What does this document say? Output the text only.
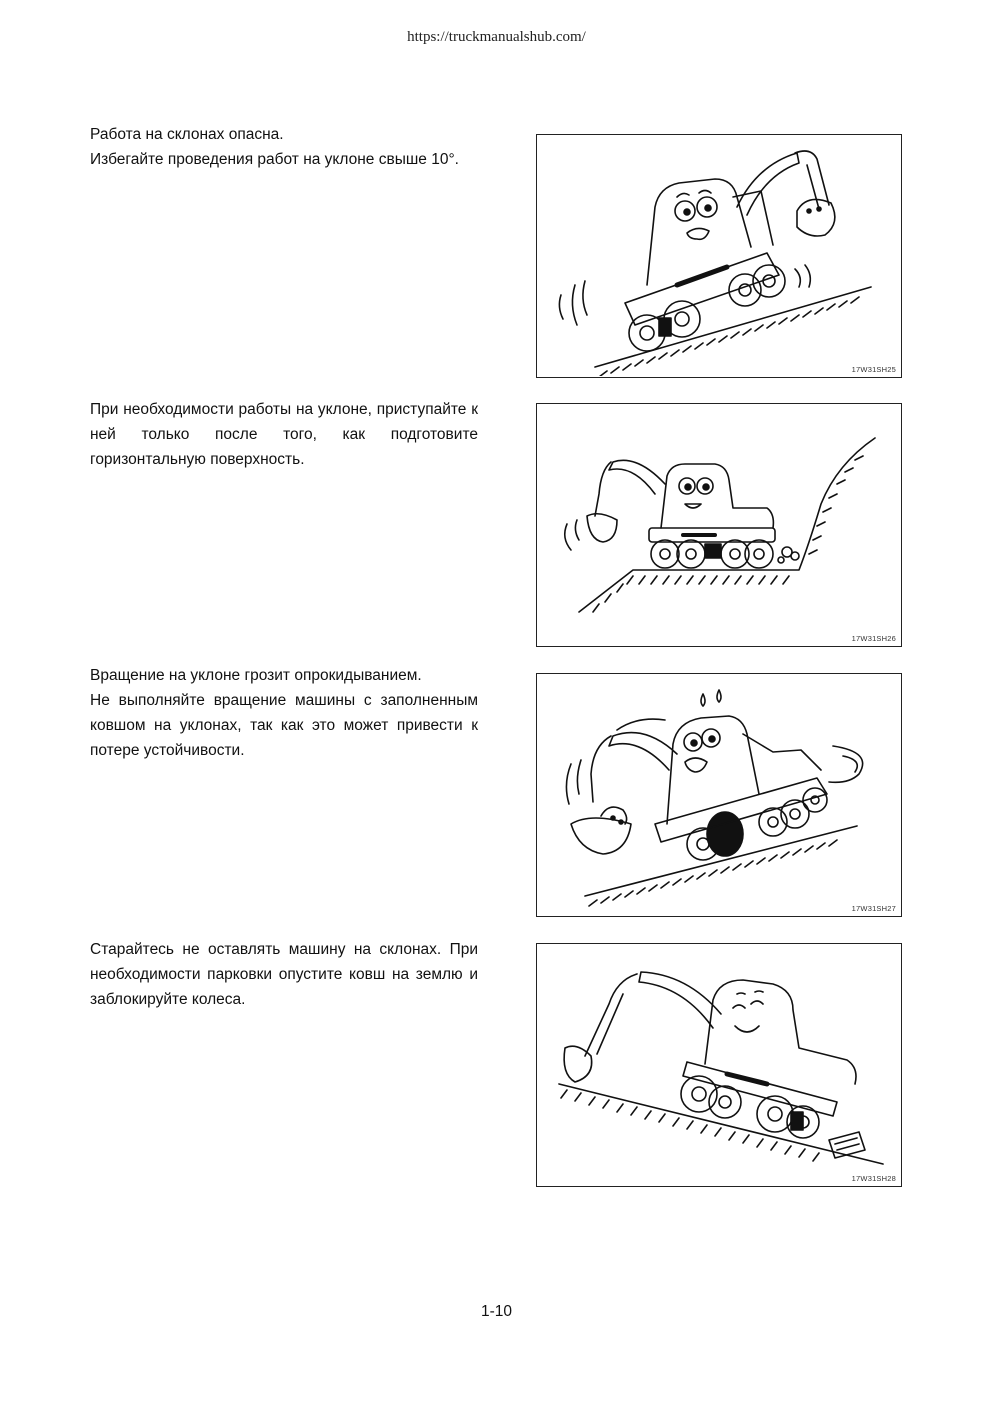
https://truckmanualshub.com/

Работа на склонах опасна.

Избегайте проведения работ на уклоне свыше 10°.

17W31SH25

При необходимости работы на уклоне, приступайте к ней только после того, как подготовите горизонтальную поверхность.

17W31SH26

Вращение на уклоне грозит опрокидыванием.

Не выполняйте вращение машины с заполненным ковшом на уклонах, так как это может привести к потере устойчивости.

17W31SH27

Старайтесь не оставлять машину на склонах. При необходимости парковки опустите ковш на землю и заблокируйте колеса.

17W31SH28
1-10
